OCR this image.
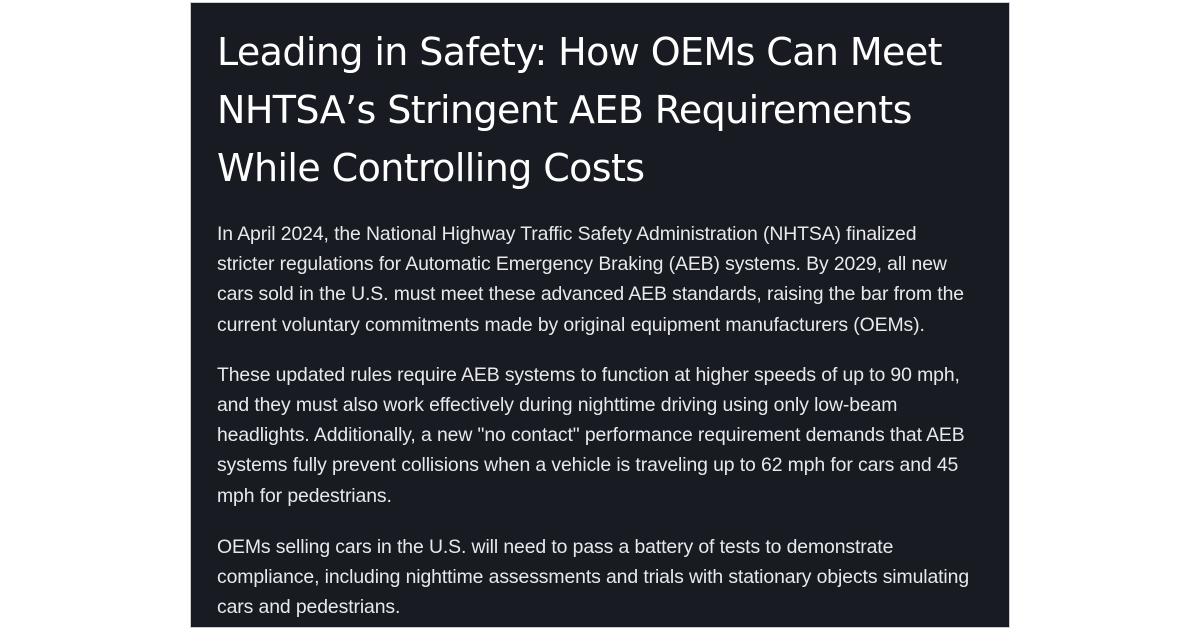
Leading in Safety: How OEMs Can Meet NHTSA’s Stringent AEB Requirements While Controlling Costs

In April 2024, the National Highway Traffic Safety Administration (NHTSA) finalized stricter regulations for Automatic Emergency Braking (AEB) systems. By 2029, all new cars sold in the U.S. must meet these advanced AEB standards, raising the bar from the current voluntary commitments made by original equipment manufacturers (OEMs).

These updated rules require AEB systems to function at higher speeds of up to 90 mph, and they must also work effectively during nighttime driving using only low-beam headlights. Additionally, a new "no contact" performance requirement demands that AEB systems fully prevent collisions when a vehicle is traveling up to 62 mph for cars and 45 mph for pedestrians.

OEMs selling cars in the U.S. will need to pass a battery of tests to demonstrate compliance, including nighttime assessments and trials with stationary objects simulating cars and pedestrians.
